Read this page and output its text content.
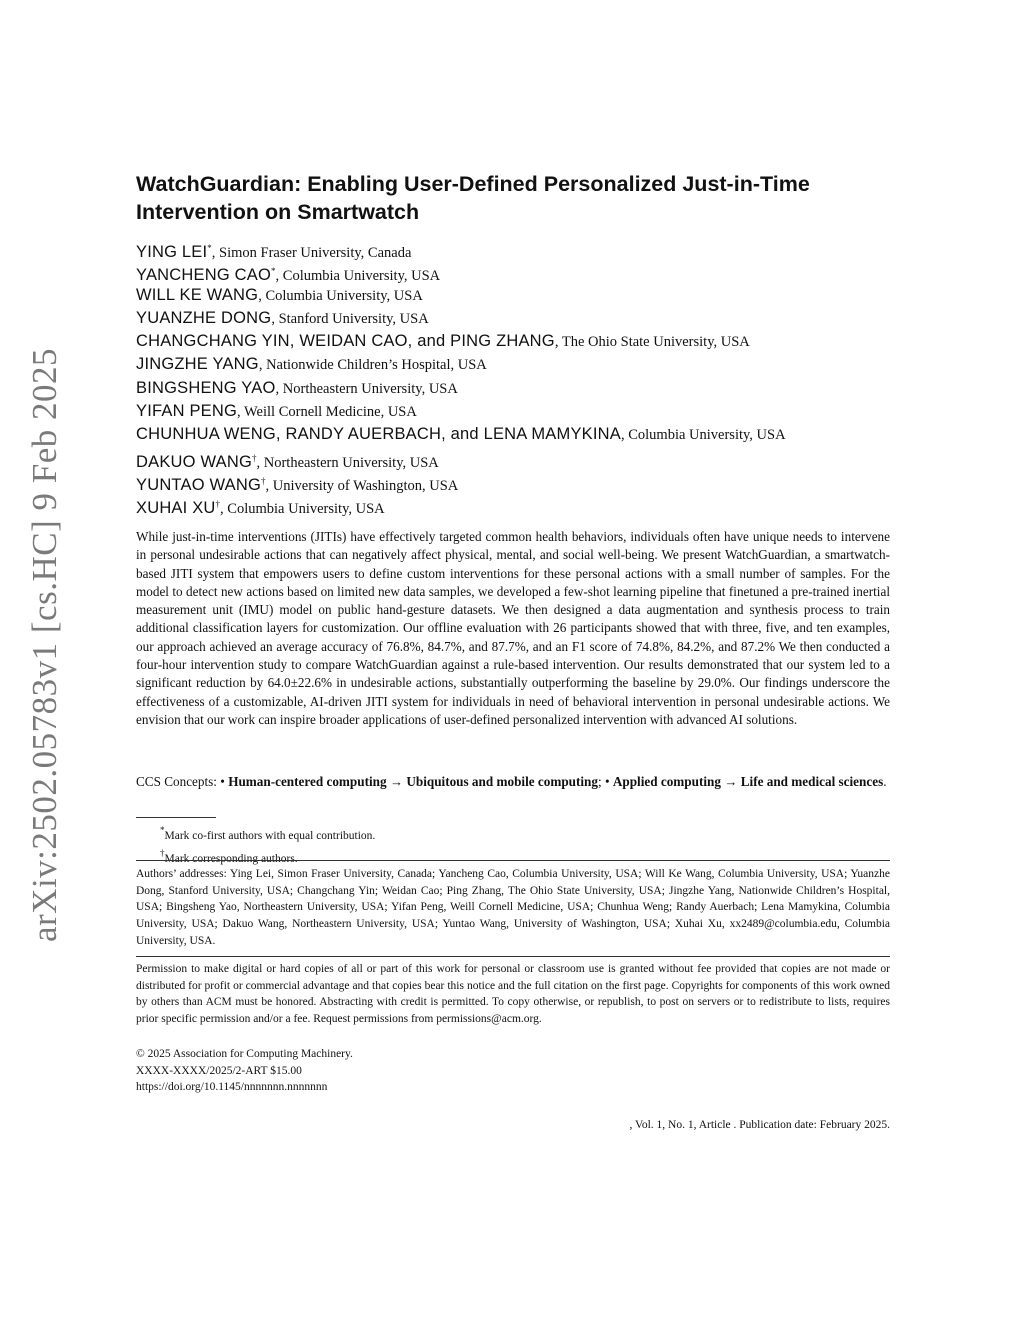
arXiv:2502.05783v1 [cs.HC] 9 Feb 2025
WatchGuardian: Enabling User-Defined Personalized Just-in-Time Intervention on Smartwatch
YING LEI*, Simon Fraser University, Canada
YANCHENG CAO*, Columbia University, USA
WILL KE WANG, Columbia University, USA
YUANZHE DONG, Stanford University, USA
CHANGCHANG YIN, WEIDAN CAO, and PING ZHANG, The Ohio State University, USA
JINGZHE YANG, Nationwide Children’s Hospital, USA
BINGSHENG YAO, Northeastern University, USA
YIFAN PENG, Weill Cornell Medicine, USA
CHUNHUA WENG, RANDY AUERBACH, and LENA MAMYKINA, Columbia University, USA
DAKUO WANG†, Northeastern University, USA
YUNTAO WANG†, University of Washington, USA
XUHAI XU†, Columbia University, USA
While just-in-time interventions (JITIs) have effectively targeted common health behaviors, individuals often have unique needs to intervene in personal undesirable actions that can negatively affect physical, mental, and social well-being. We present WatchGuardian, a smartwatch-based JITI system that empowers users to define custom interventions for these personal actions with a small number of samples. For the model to detect new actions based on limited new data samples, we developed a few-shot learning pipeline that finetuned a pre-trained inertial measurement unit (IMU) model on public hand-gesture datasets. We then designed a data augmentation and synthesis process to train additional classification layers for customization. Our offline evaluation with 26 participants showed that with three, five, and ten examples, our approach achieved an average accuracy of 76.8%, 84.7%, and 87.7%, and an F1 score of 74.8%, 84.2%, and 87.2% We then conducted a four-hour intervention study to compare WatchGuardian against a rule-based intervention. Our results demonstrated that our system led to a significant reduction by 64.0±22.6% in undesirable actions, substantially outperforming the baseline by 29.0%. Our findings underscore the effectiveness of a customizable, AI-driven JITI system for individuals in need of behavioral intervention in personal undesirable actions. We envision that our work can inspire broader applications of user-defined personalized intervention with advanced AI solutions.
CCS Concepts: • Human-centered computing → Ubiquitous and mobile computing; • Applied computing → Life and medical sciences.
*Mark co-first authors with equal contribution.
†Mark corresponding authors.
Authors’ addresses: Ying Lei, Simon Fraser University, Canada; Yancheng Cao, Columbia University, USA; Will Ke Wang, Columbia University, USA; Yuanzhe Dong, Stanford University, USA; Changchang Yin; Weidan Cao; Ping Zhang, The Ohio State University, USA; Jingzhe Yang, Nationwide Children’s Hospital, USA; Bingsheng Yao, Northeastern University, USA; Yifan Peng, Weill Cornell Medicine, USA; Chunhua Weng; Randy Auerbach; Lena Mamykina, Columbia University, USA; Dakuo Wang, Northeastern University, USA; Yuntao Wang, University of Washington, USA; Xuhai Xu, xx2489@columbia.edu, Columbia University, USA.
Permission to make digital or hard copies of all or part of this work for personal or classroom use is granted without fee provided that copies are not made or distributed for profit or commercial advantage and that copies bear this notice and the full citation on the first page. Copyrights for components of this work owned by others than ACM must be honored. Abstracting with credit is permitted. To copy otherwise, or republish, to post on servers or to redistribute to lists, requires prior specific permission and/or a fee. Request permissions from permissions@acm.org.
© 2025 Association for Computing Machinery.
XXXX-XXXX/2025/2-ART $15.00
https://doi.org/10.1145/nnnnnnn.nnnnnnn
, Vol. 1, No. 1, Article . Publication date: February 2025.
